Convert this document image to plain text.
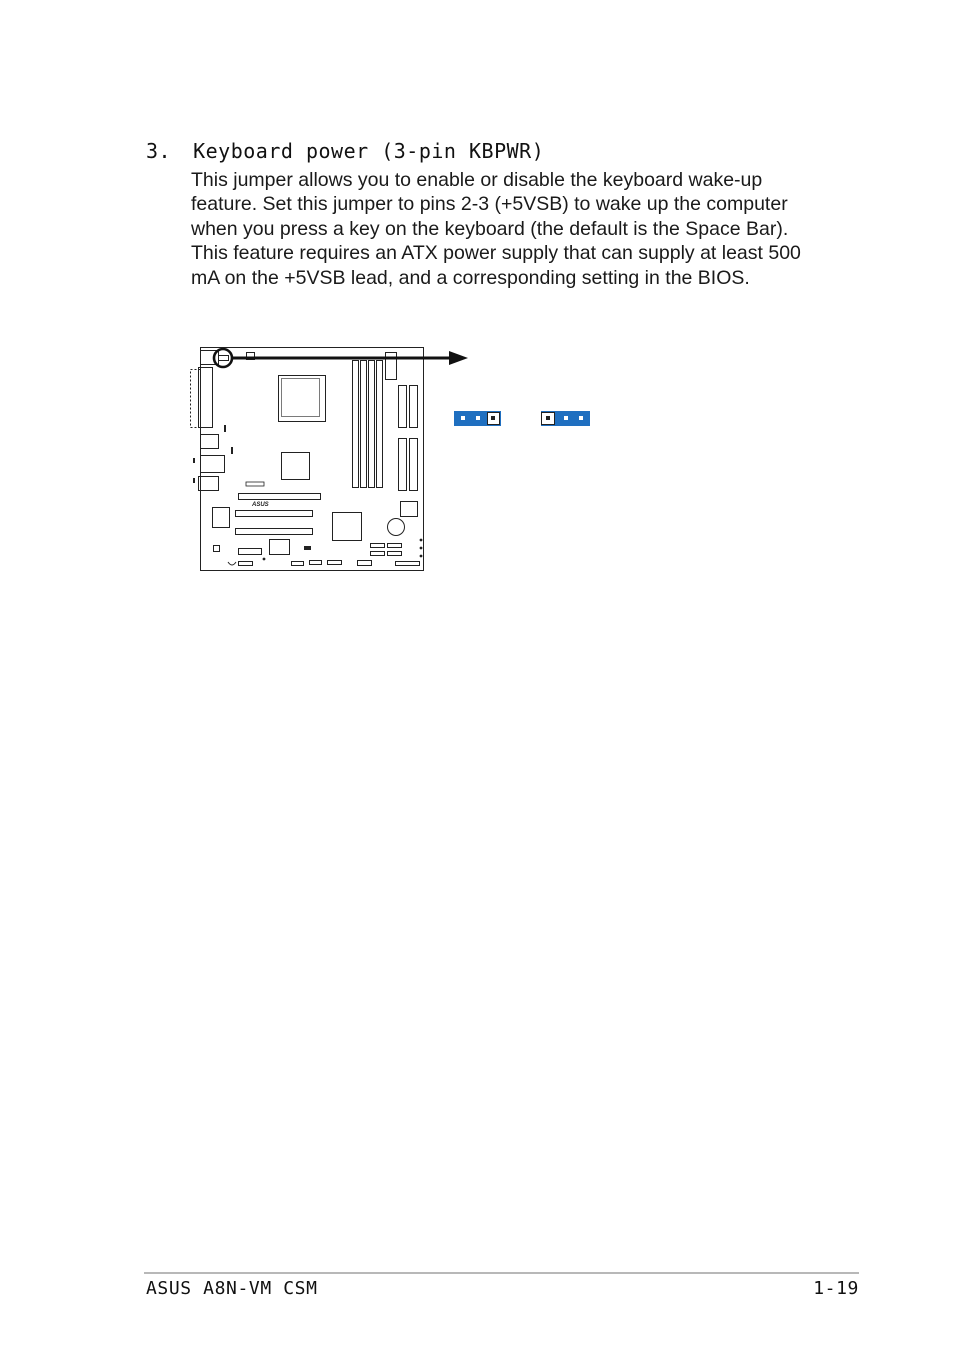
3. Keyboard power (3-pin KBPWR)

This jumper allows you to enable or disable the keyboard wake-up feature. Set this jumper to pins 2-3 (+5VSB) to wake up the computer when you press a key on the keyboard (the default is the Space Bar). This feature requires an ATX power supply that can supply at least 500 mA on the +5VSB lead, and a corresponding setting in the BIOS.

ASUS
ASUS A8N-VM CSM	1-19
